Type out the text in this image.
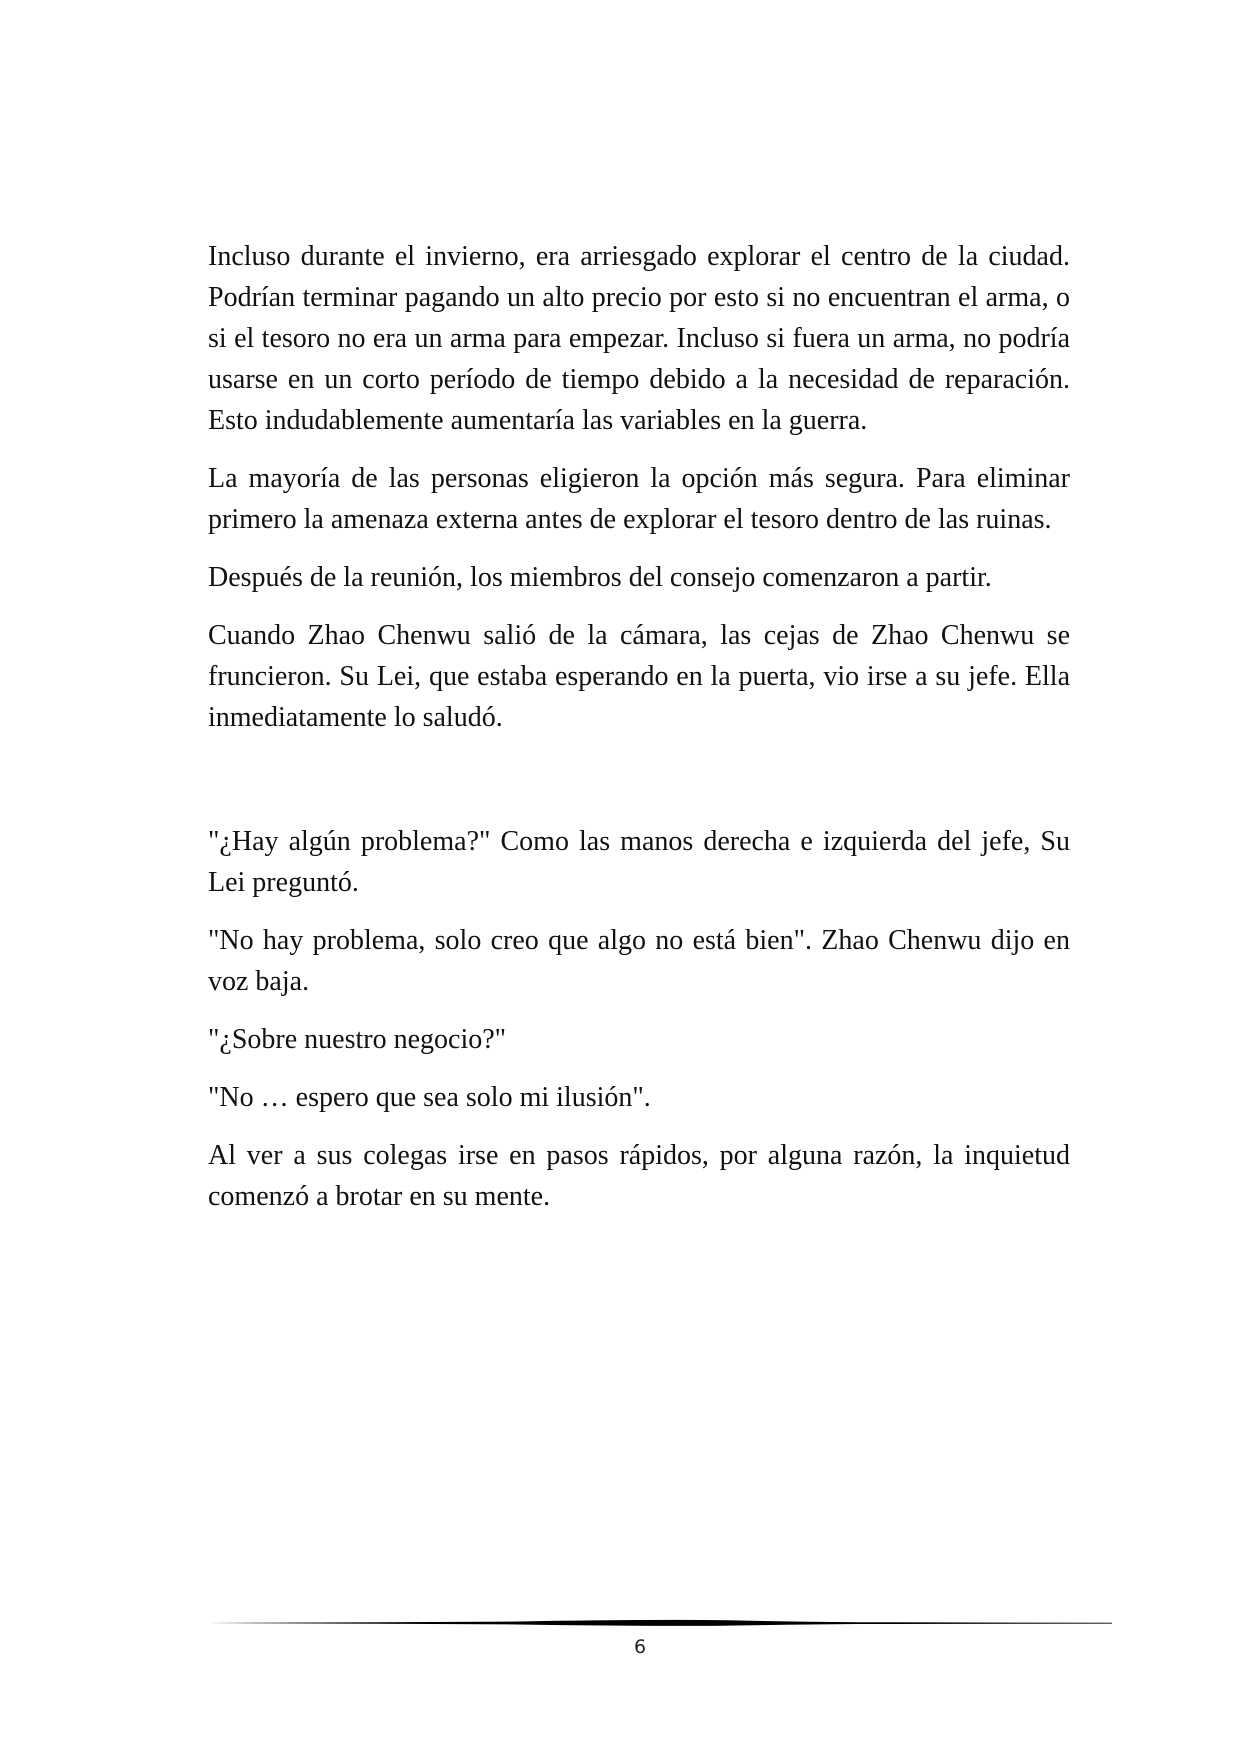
Incluso durante el invierno, era arriesgado explorar el centro de la ciudad. Podrían terminar pagando un alto precio por esto si no encuentran el arma, o si el tesoro no era un arma para empezar. Incluso si fuera un arma, no podría usarse en un corto período de tiempo debido a la necesidad de reparación. Esto indudablemente aumentaría las variables en la guerra.

La mayoría de las personas eligieron la opción más segura. Para eliminar primero la amenaza externa antes de explorar el tesoro dentro de las ruinas.

Después de la reunión, los miembros del consejo comenzaron a partir.

Cuando Zhao Chenwu salió de la cámara, las cejas de Zhao Chenwu se fruncieron. Su Lei, que estaba esperando en la puerta, vio irse a su jefe. Ella inmediatamente lo saludó.

"¿Hay algún problema?" Como las manos derecha e izquierda del jefe, Su Lei preguntó.

"No hay problema, solo creo que algo no está bien". Zhao Chenwu dijo en voz baja.

"¿Sobre nuestro negocio?"

"No … espero que sea solo mi ilusión".

Al ver a sus colegas irse en pasos rápidos, por alguna razón, la inquietud comenzó a brotar en su mente.

6
